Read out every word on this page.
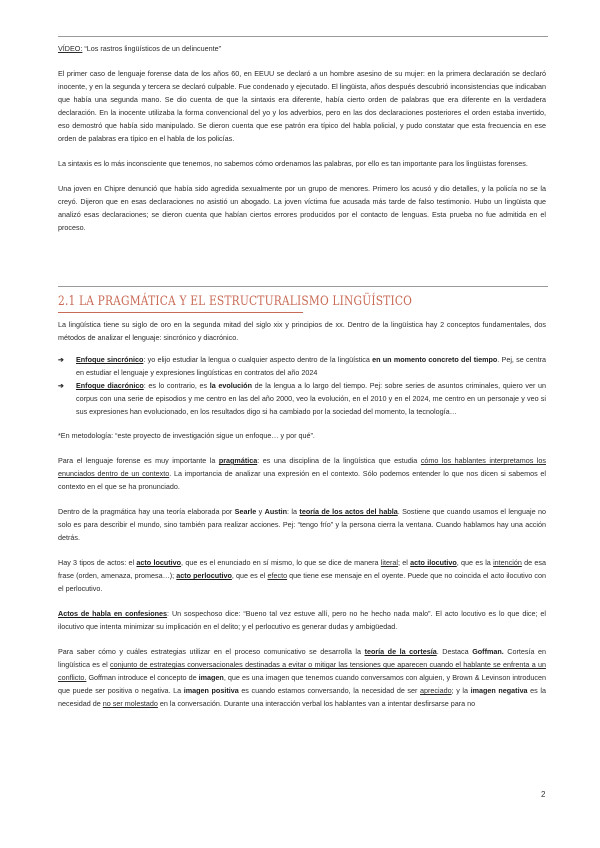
VÍDEO: “Los rastros lingüísticos de un delincuente”

El primer caso de lenguaje forense data de los años 60, en EEUU se declaró a un hombre asesino de su mujer: en la primera declaración se declaró inocente, y en la segunda y tercera se declaró culpable. Fue condenado y ejecutado. El lingüista, años después descubrió inconsistencias que indicaban que había una segunda mano. Se dio cuenta de que la sintaxis era diferente, había cierto orden de palabras que era diferente en la verdadera declaración. En la inocente utilizaba la forma convencional del yo y los adverbios, pero en las dos declaraciones posteriores el orden estaba invertido, eso demostró que había sido manipulado. Se dieron cuenta que ese patrón era típico del habla policial, y pudo constatar que esta frecuencia en ese orden de palabras era típico en el habla de los policías.

La sintaxis es lo más inconsciente que tenemos, no sabemos cómo ordenamos las palabras, por ello es tan importante para los lingüistas forenses.

Una joven en Chipre denunció que había sido agredida sexualmente por un grupo de menores. Primero los acusó y dio detalles, y la policía no se la creyó. Dijeron que en esas declaraciones no asistió un abogado. La joven víctima fue acusada más tarde de falso testimonio. Hubo un lingüista que analizó esas declaraciones; se dieron cuenta que habían ciertos errores producidos por el contacto de lenguas. Esta prueba no fue admitida en el proceso.

2.1 LA PRAGMÁTICA Y EL ESTRUCTURALISMO LINGÜÍSTICO

La lingüística tiene su siglo de oro en la segunda mitad del siglo xix y principios de xx. Dentro de la lingüística hay 2 conceptos fundamentales, dos métodos de analizar el lenguaje: sincrónico y diacrónico.

➔ Enfoque sincrónico: yo elijo estudiar la lengua o cualquier aspecto dentro de la lingüística en un momento concreto del tiempo. Pej, se centra en estudiar el lenguaje y expresiones lingüísticas en contratos del año 2024
➔ Enfoque diacrónico: es lo contrario, es la evolución de la lengua a lo largo del tiempo. Pej: sobre series de asuntos criminales, quiero ver un corpus con una serie de episodios y me centro en las del año 2000, veo la evolución, en el 2010 y en el 2024, me centro en un personaje y veo si sus expresiones han evolucionado, en los resultados digo si ha cambiado por la sociedad del momento, la tecnología…

*En metodología: “este proyecto de investigación sigue un enfoque… y por qué”.

Para el lenguaje forense es muy importante la pragmática: es una disciplina de la lingüística que estudia cómo los hablantes interpretamos los enunciados dentro de un contexto. La importancia de analizar una expresión en el contexto. Sólo podemos entender lo que nos dicen si sabemos el contexto en el que se ha pronunciado.

Dentro de la pragmática hay una teoría elaborada por Searle y Austin: la teoría de los actos del habla. Sostiene que cuando usamos el lenguaje no solo es para describir el mundo, sino también para realizar acciones. Pej: “tengo frío” y la persona cierra la ventana. Cuando hablamos hay una acción detrás.

Hay 3 tipos de actos: el acto locutivo, que es el enunciado en sí mismo, lo que se dice de manera literal; el acto ilocutivo, que es la intención de esa frase (orden, amenaza, promesa…); acto perlocutivo, que es el efecto que tiene ese mensaje en el oyente. Puede que no coincida el acto ilocutivo con el perlocutivo.

Actos de habla en confesiones: Un sospechoso dice: “Bueno tal vez estuve allí, pero no he hecho nada malo”. El acto locutivo es lo que dice; el ilocutivo que intenta minimizar su implicación en el delito; y el perlocutivo es generar dudas y ambigüedad.

Para saber cómo y cuáles estrategias utilizar en el proceso comunicativo se desarrolla la teoría de la cortesía. Destaca Goffman. Cortesía en lingüística es el conjunto de estrategias conversacionales destinadas a evitar o mitigar las tensiones que aparecen cuando el hablante se enfrenta a un conflicto. Goffman introduce el concepto de imagen, que es una imagen que tenemos cuando conversamos con alguien, y Brown & Levinson introducen que puede ser positiva o negativa. La imagen positiva es cuando estamos conversando, la necesidad de ser apreciado; y la imagen negativa es la necesidad de no ser molestado en la conversación. Durante una interacción verbal los hablantes van a intentar desfirsarse para no

2
